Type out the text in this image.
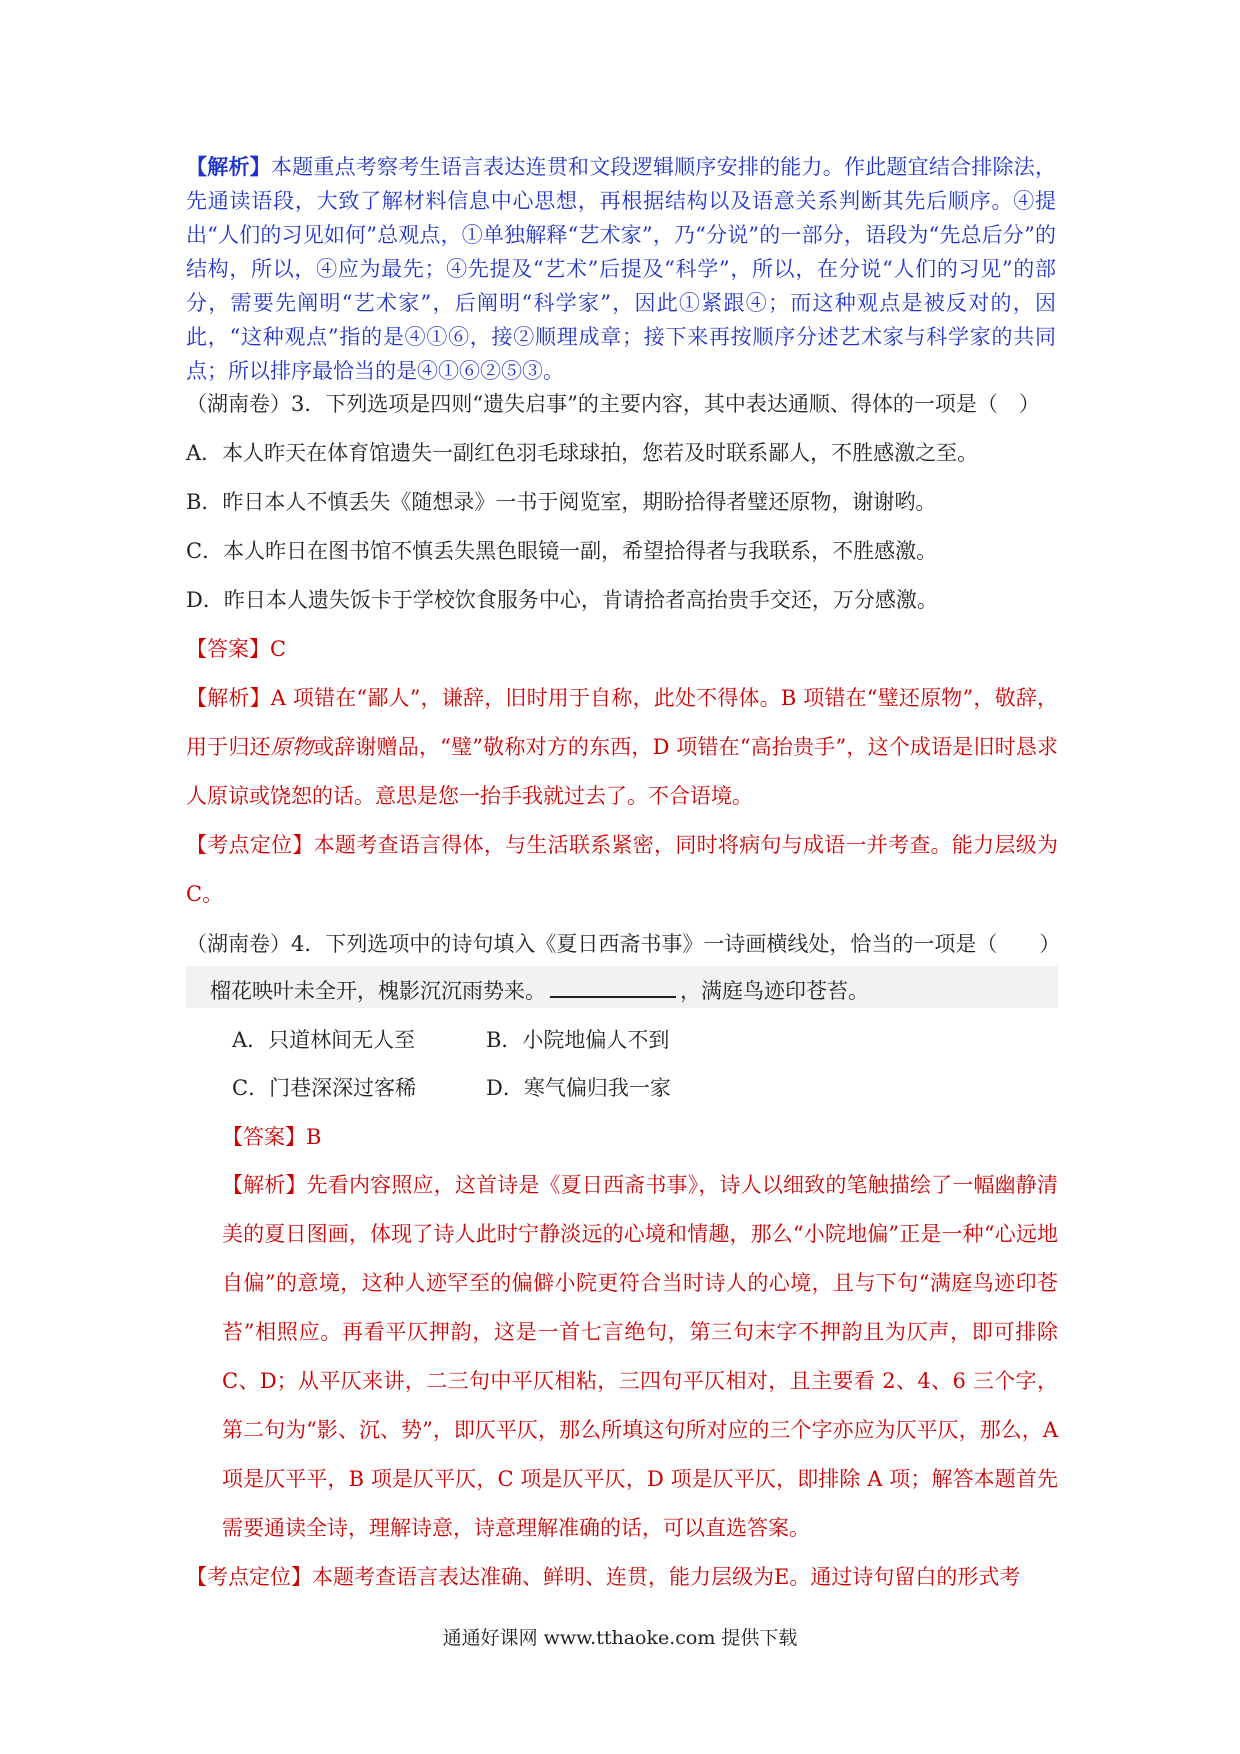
【解析】本题重点考察考生语言表达连贯和文段逻辑顺序安排的能力。作此题宜结合排除法，先通读语段，大致了解材料信息中心思想，再根据结构以及语意关系判断其先后顺序。④提出“人们的习见如何”总观点，①单独解释“艺术家”，乃“分说”的一部分，语段为“先总后分”的结构，所以，④应为最先；④先提及“艺术”后提及“科学”，所以，在分说“人们的习见”的部分，需要先阐明“艺术家”，后阐明“科学家”，因此①紧跟④；而这种观点是被反对的，因此，“这种观点”指的是④①⑥，接②顺理成章；接下来再按顺序分述艺术家与科学家的共同点；所以排序最恰当的是④①⑥②⑤③。
（湖南卷）3．下列选项是四则“遗失启事”的主要内容，其中表达通顺、得体的一项是（　）
A．本人昨天在体育馆遗失一副红色羽毛球球拍，您若及时联系鄙人，不胜感激之至。
B．昨日本人不慎丢失《随想录》一书于阅览室，期盼拾得者璧还原物，谢谢哟。
C．本人昨日在图书馆不慎丢失黑色眼镜一副，希望拾得者与我联系，不胜感激。
D．昨日本人遗失饭卡于学校饮食服务中心，肯请拾者高抬贵手交还，万分感激。
【答案】C
【解析】A 项错在“鄙人”，谦辞，旧时用于自称，此处不得体。B 项错在“璧还原物”，敬辞，用于归还原物或辞谢赠品，“璧”敬称对方的东西，D 项错在“高抬贵手”，这个成语是旧时恳求人原谅或饶恕的话。意思是您一抬手我就过去了。不合语境。
【考点定位】本题考查语言得体，与生活联系紧密，同时将病句与成语一并考查。能力层级为C。
（湖南卷）4．下列选项中的诗句填入《夏日西斋书事》一诗画横线处，恰当的一项是（　　）
榴花映叶未全开，槐影沉沉雨势来。	，满庭鸟迹印苍苔。
A．只道林间无人至	B．小院地偏人不到
C．门巷深深过客稀	D．寒气偏归我一家
【答案】B
【解析】先看内容照应，这首诗是《夏日西斋书事》，诗人以细致的笔触描绘了一幅幽静清美的夏日图画，体现了诗人此时宁静淡远的心境和情趣，那么“小院地偏”正是一种“心远地自偏”的意境，这种人迹罕至的偏僻小院更符合当时诗人的心境，且与下句“满庭鸟迹印苍苔”相照应。再看平仄押韵，这是一首七言绝句，第三句末字不押韵且为仄声，即可排除 C、D；从平仄来讲，二三句中平仄相粘，三四句平仄相对，且主要看 2、4、6 三个字，第二句为“影、沉、势”，即仄平仄，那么所填这句所对应的三个字亦应为仄平仄，那么，A 项是仄平平，B 项是仄平仄，C 项是仄平仄，D 项是仄平仄，即排除 A 项；解答本题首先需要通读全诗，理解诗意，诗意理解准确的话，可以直选答案。
【考点定位】本题考查语言表达准确、鲜明、连贯，能力层级为E。通过诗句留白的形式考
通通好课网 www.tthaoke.com 提供下载
